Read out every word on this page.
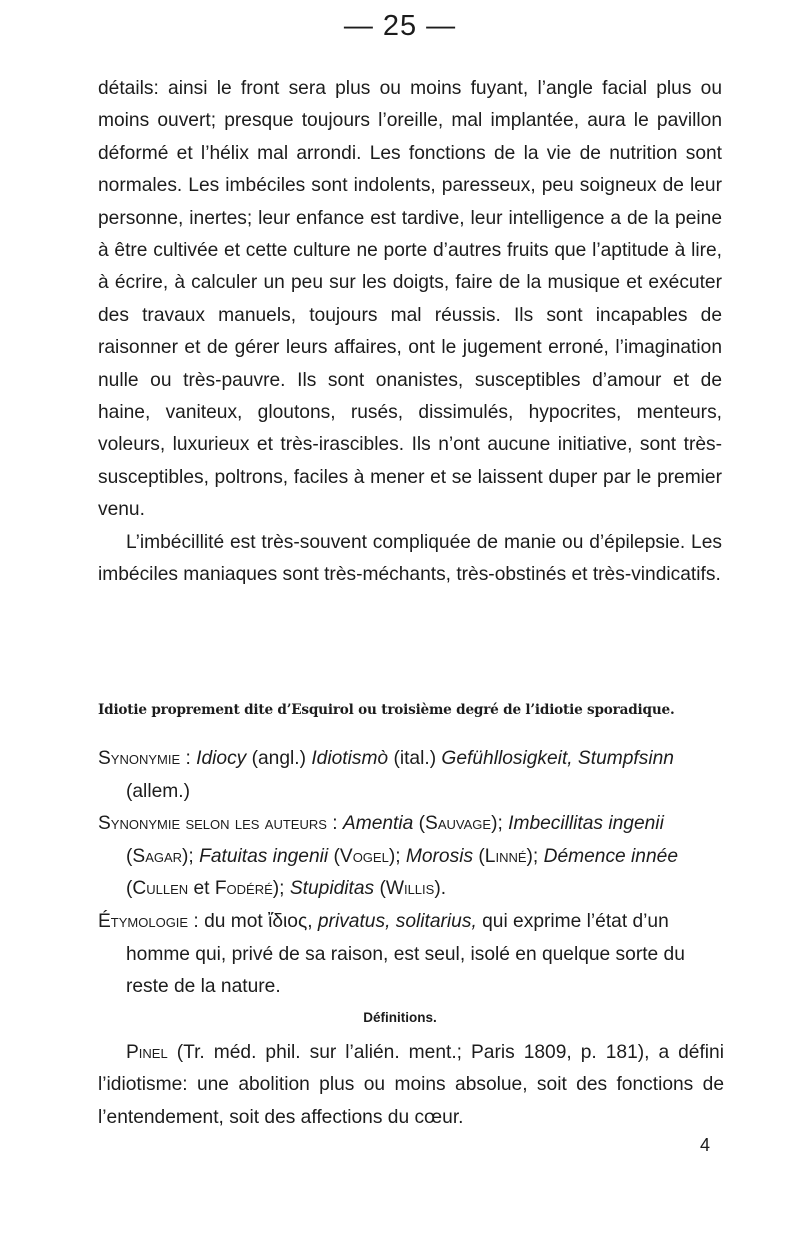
— 25 —

détails: ainsi le front sera plus ou moins fuyant, l’angle facial plus ou moins ouvert; presque toujours l’oreille, mal implantée, aura le pavillon déformé et l’hélix mal arrondi. Les fonctions de la vie de nutrition sont normales. Les imbéciles sont indolents, paresseux, peu soigneux de leur personne, inertes; leur enfance est tardive, leur intelligence a de la peine à être cultivée et cette culture ne porte d’autres fruits que l’aptitude à lire, à écrire, à calculer un peu sur les doigts, faire de la musique et exécuter des travaux manuels, toujours mal réussis. Ils sont incapables de raisonner et de gérer leurs affaires, ont le jugement erroné, l’imagination nulle ou très-pauvre. Ils sont onanistes, susceptibles d’amour et de haine, vaniteux, gloutons, rusés, dissimulés, hypocrites, menteurs, voleurs, luxurieux et très-irascibles. Ils n’ont aucune initiative, sont très-susceptibles, poltrons, faciles à mener et se laissent duper par le premier venu.

L’imbécillité est très-souvent compliquée de manie ou d’épilepsie. Les imbéciles maniaques sont très-méchants, très-obstinés et très-vindicatifs.

Idiotie proprement dite d’Esquirol ou troisième degré de l’idiotie sporadique.

Synonymie : Idiocy (angl.) Idiotismò (ital.) Gefühllosigkeit, Stumpfsinn (allem.)

Synonymie selon les auteurs : Amentia (Sauvage); Imbecillitas ingenii (Sagar); Fatuitas ingenii (Vogel); Morosis (Linné); Démence innée (Cullen et Fodéré); Stupiditas (Willis).

Étymologie : du mot ἴδιος, privatus, solitarius, qui exprime l’état d’un homme qui, privé de sa raison, est seul, isolé en quelque sorte du reste de la nature.

Définitions.
Pinel (Tr. méd. phil. sur l’alién. ment.; Paris 1809, p. 181), a défini l’idiotisme: une abolition plus ou moins absolue, soit des fonctions de l’entendement, soit des affections du cœur.
4
